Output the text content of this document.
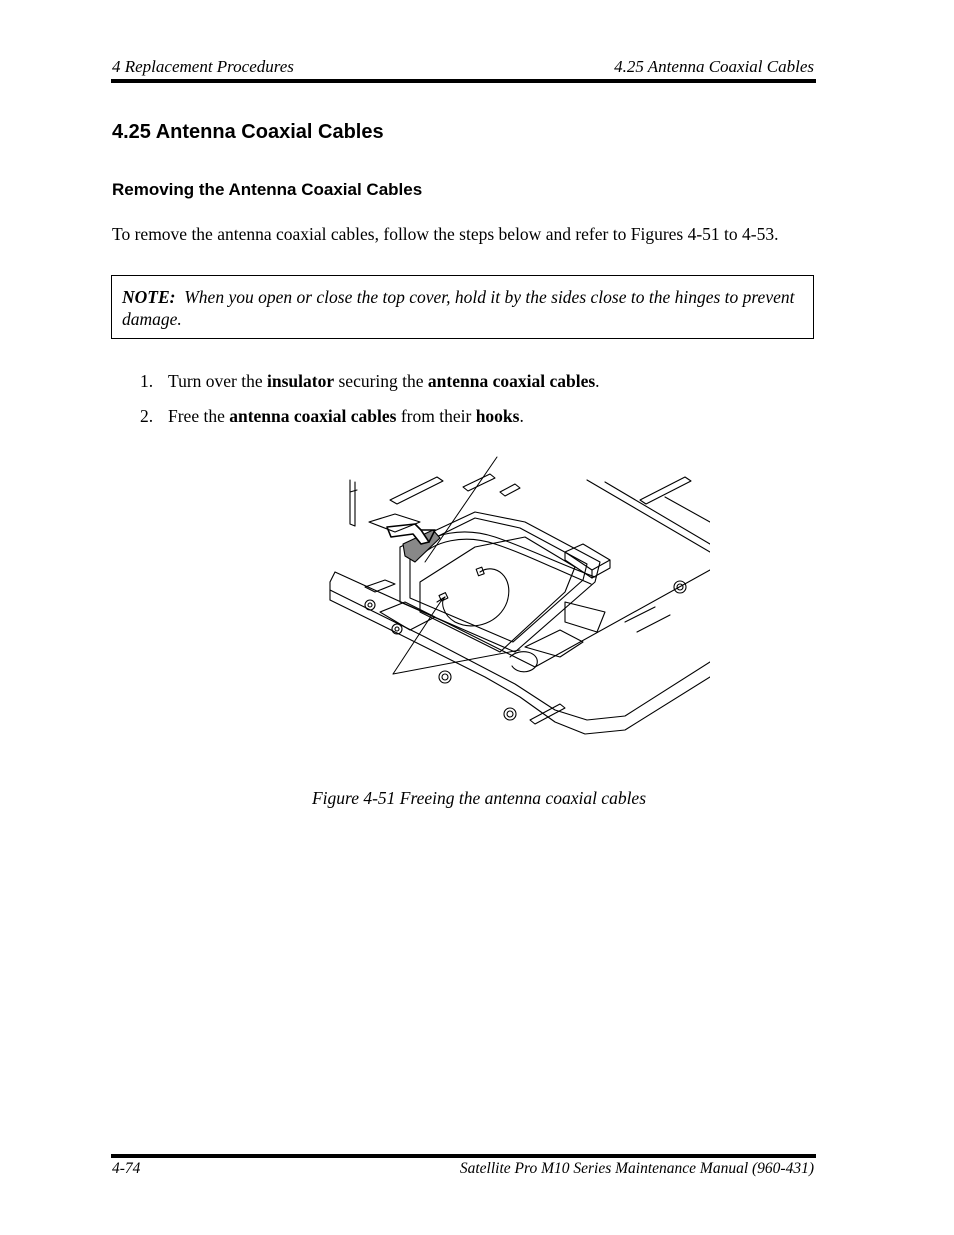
4 Replacement Procedures	4.25 Antenna Coaxial Cables
4.25 Antenna Coaxial Cables
Removing the Antenna Coaxial Cables
To remove the antenna coaxial cables, follow the steps below and refer to Figures 4-51 to 4-53.
NOTE: When you open or close the top cover, hold it by the sides close to the hinges to prevent damage.
1. Turn over the insulator securing the antenna coaxial cables.
2. Free the antenna coaxial cables from their hooks.
Figure 4-51 Freeing the antenna coaxial cables
4-74	Satellite Pro M10 Series Maintenance Manual (960-431)
